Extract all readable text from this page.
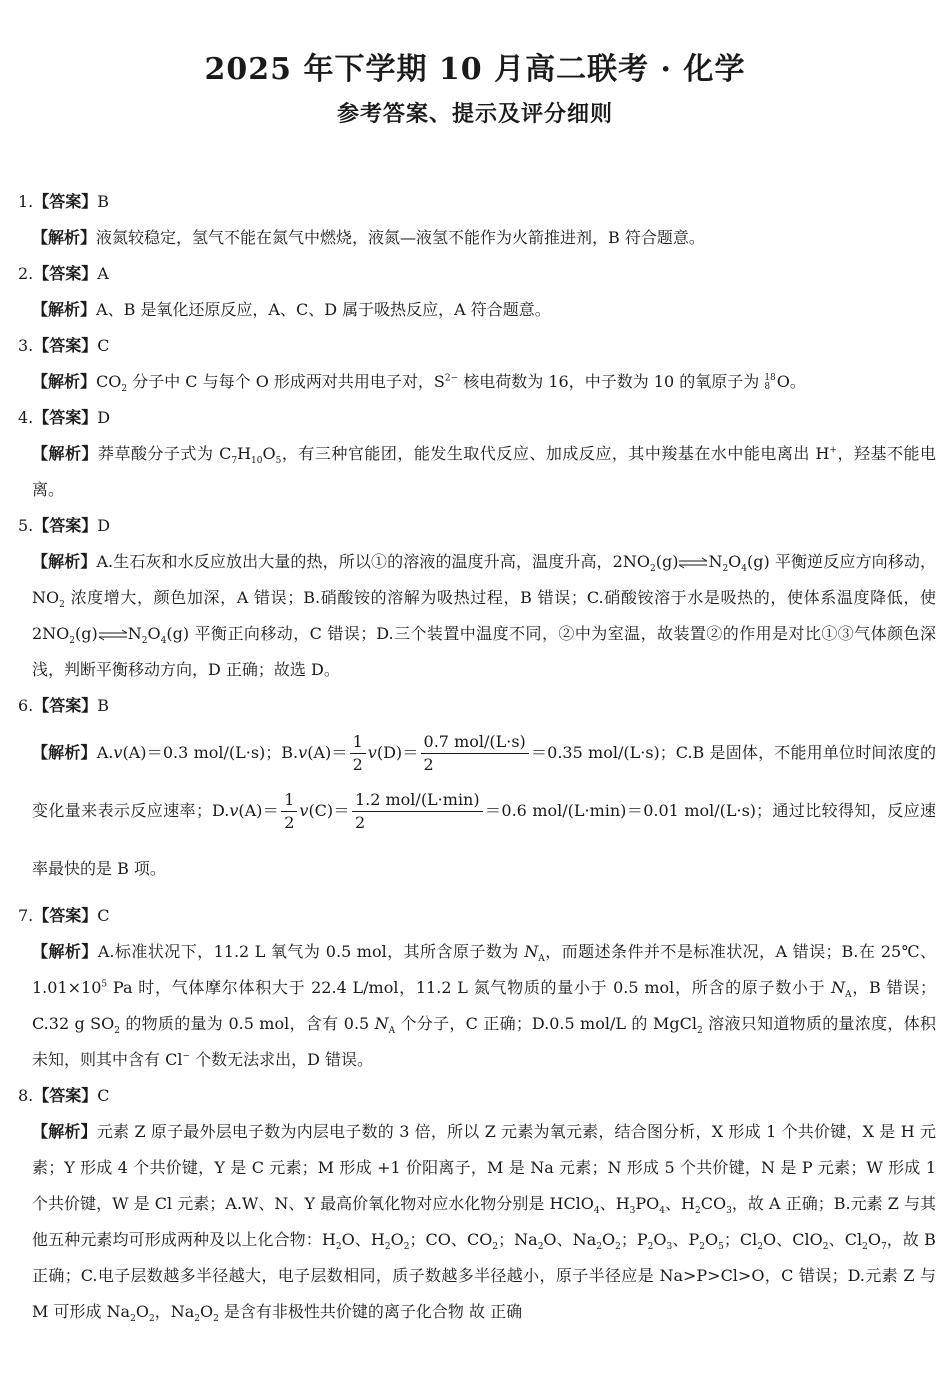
2025 年下学期 10 月高二联考 · 化学
参考答案、提示及评分细则

1.【答案】B

【解析】液氮较稳定，氢气不能在氮气中燃烧，液氮—液氢不能作为火箭推进剂，B 符合题意。

2.【答案】A

【解析】A、B 是氧化还原反应，A、C、D 属于吸热反应，A 符合题意。

3.【答案】C

【解析】$CO_2$ 分子中 C 与每个 O 形成两对共用电子对，$S^{2-}$ 核电荷数为 16，中子数为 10 的氧原子为 18
8 O。

4.【答案】D

【解析】莽草酸分子式为 $C_7H_{10}O_5$，有三种官能团，能发生取代反应、加成反应，其中羧基在水中能电离出 H+，羟基不能电离。

5.【答案】D

【解析】A.生石灰和水反应放出大量的热，所以①的溶液的温度升高，温度升高，$2NO_2(g)\rightleftharpoons N_2O_4(g)$ 平衡逆反应方向移动，$NO_2$ 浓度增大，颜色加深，A 错误；B.硝酸铵的溶解为吸热过程，B 错误；C.硝酸铵溶于水是吸热的，使体系温度降低，使 $2NO_2(g)\rightleftharpoons N_2O_4(g)$ 平衡正向移动，C 错误；D.三个装置中温度不同，②中为室温，故装置②的作用是对比①③气体颜色深浅，判断平衡移动方向，D 正确；故选 D。

6.【答案】B

【解析】A.v(A)＝0.3 mol/(L·s)；$B.v(A)= \frac{1}{2} v(D)= \frac{\text{0.7 mol/(L·s)}}{2} =0.35$ mol/(L·s)；C.B 是固体，不能用单位时间浓度的变化量来表示反应速率；$D.v(A)= \frac{1}{2} v(C)= \frac{\text{1.2 mol/(L·min)}}{2} =0.6$ mol/(L·min)＝0.01 mol/(L·s)；通过比较得知，反应速率最快的是 B 项。

7.【答案】C

【解析】A.标准状况下，11.2 L 氧气为 0.5 mol，其所含原子数为 $N_A$，而题述条件并不是标准状况，A 错误；B.在 25℃、$1.01\times 10^5$ Pa 时，气体摩尔体积大于 22.4 L/mol，11.2 L 氮气物质的量小于 0.5 mol，所含的原子数小于 $N_A$，B 错误；C.32 g $SO_2$ 的物质的量为 0.5 mol，含有 0.5 $N_A$ 个分子，C 正确；D.0.5 mol/L 的 MgCl$_2$ 溶液只知道物质的量浓度，体积未知，则其中含有 Cl− 个数无法求出，D 错误。

8.【答案】C

【解析】元素 Z 原子最外层电子数为内层电子数的 3 倍，所以 Z 元素为氧元素，结合图分析，X 形成 1 个共价键，X 是 H 元素；Y 形成 4 个共价键，Y 是 C 元素；M 形成 +1 价阳离子，M 是 Na 元素；N 形成 5 个共价键，N 是 P 元素；W 形成 1 个共价键，W 是 Cl 元素；A.W、N、Y 最高价氧化物对应水化物分别是 HClO$_4$、$H_3PO_4$、$H_2CO_3$，故 A 正确；B.元素 Z 与其他五种元素均可形成两种及以上化合物：$H_2O$、$H_2O_2$；CO、$CO_2$；$Na_2O$、$Na_2O_2$；$P_2O_3$、$P_2O_5$；$Cl_2O$、ClO$_2$、$Cl_2O_7$，故 B 正确；C.电子层数越多半径越大，电子层数相同，质子数越多半径越小，原子半径应是 Na>P>Cl>O，C 错误；D.元素 Z 与 M 可形成 $Na_2O_2$，$Na_2O_2$ 是含有非极性共价键的离子化合物 故 正确
